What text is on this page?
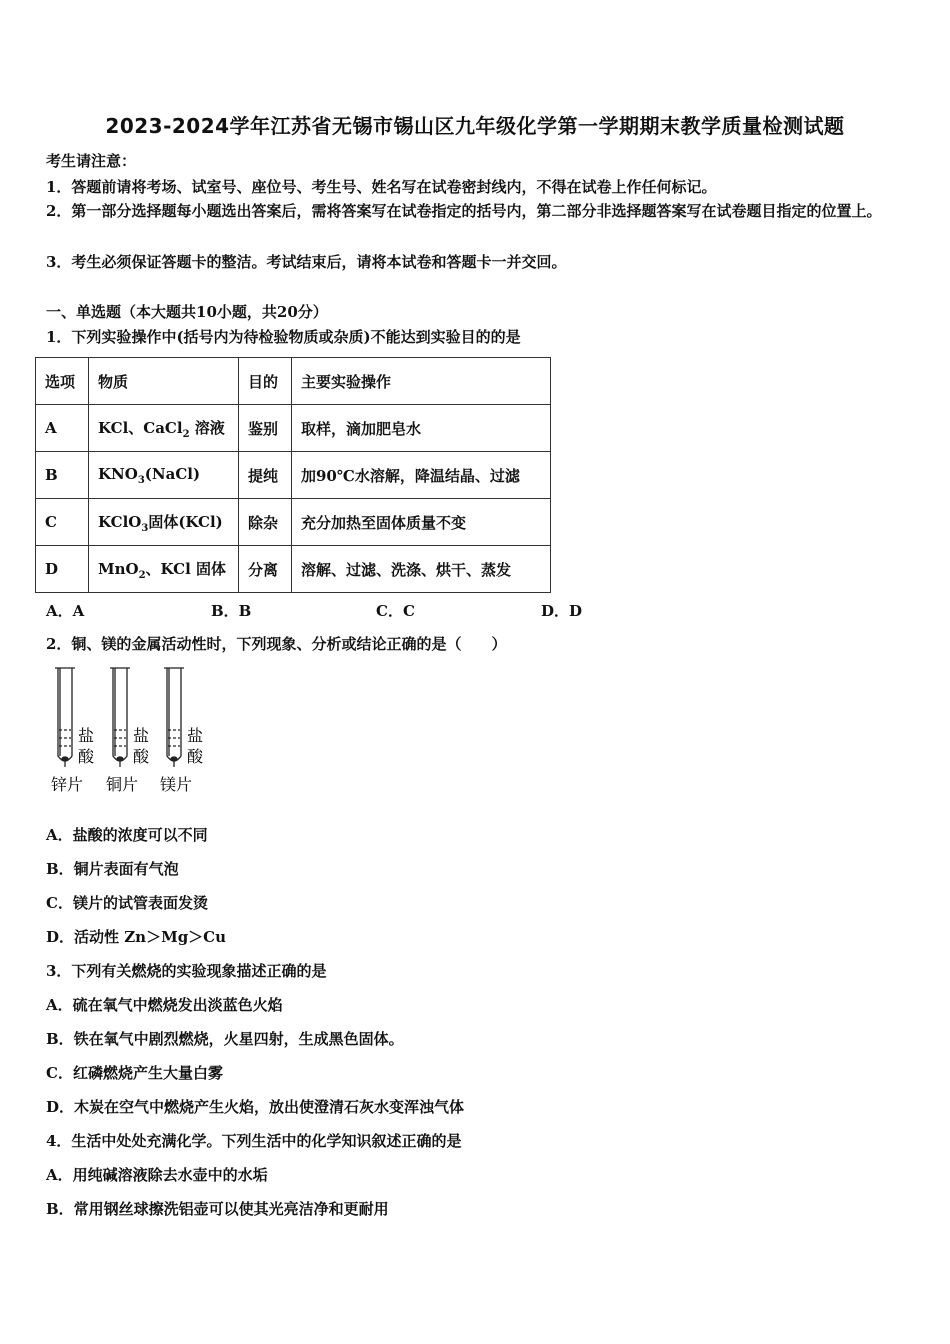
2023-2024学年江苏省无锡市锡山区九年级化学第一学期期末教学质量检测试题
考生请注意：
1．答题前请将考场、试室号、座位号、考生号、姓名写在试卷密封线内，不得在试卷上作任何标记。
2．第一部分选择题每小题选出答案后，需将答案写在试卷指定的括号内，第二部分非选择题答案写在试卷题目指定的位置上。
3．考生必须保证答题卡的整洁。考试结束后，请将本试卷和答题卡一并交回。
一、单选题（本大题共10小题，共20分）
1．下列实验操作中(括号内为待检验物质或杂质)不能达到实验目的的是
选项	物质	目的	主要实验操作
A	KCl、CaCl$_2$ 溶液	鉴别	取样，滴加肥皂水
B	$KNO_3(NaCl)$	提纯	加90℃水溶解，降温结晶、过滤
C	KClO$_3$固体(KCl)	除杂	充分加热至固体质量不变
D	MnO$_2$、KCl 固体	分离	溶解、过滤、洗涤、烘干、蒸发
A．A	B．B	C．C	D．D
2．铜、镁的金属活动性时，下列现象、分析或结论正确的是（　　）
盐
酸
盐
酸
盐
酸
锌片 铜片 镁片
A．盐酸的浓度可以不同
B．铜片表面有气泡
C．镁片的试管表面发烫
D．活动性 Zn＞Mg＞Cu
3．下列有关燃烧的实验现象描述正确的是
A．硫在氧气中燃烧发出淡蓝色火焰
B．铁在氧气中剧烈燃烧，火星四射，生成黑色固体。
C．红磷燃烧产生大量白雾
D．木炭在空气中燃烧产生火焰，放出使澄清石灰水变浑浊气体
4．生活中处处充满化学。下列生活中的化学知识叙述正确的是
A．用纯碱溶液除去水壶中的水垢
B．常用钢丝球擦洗铝壶可以使其光亮洁净和更耐用
